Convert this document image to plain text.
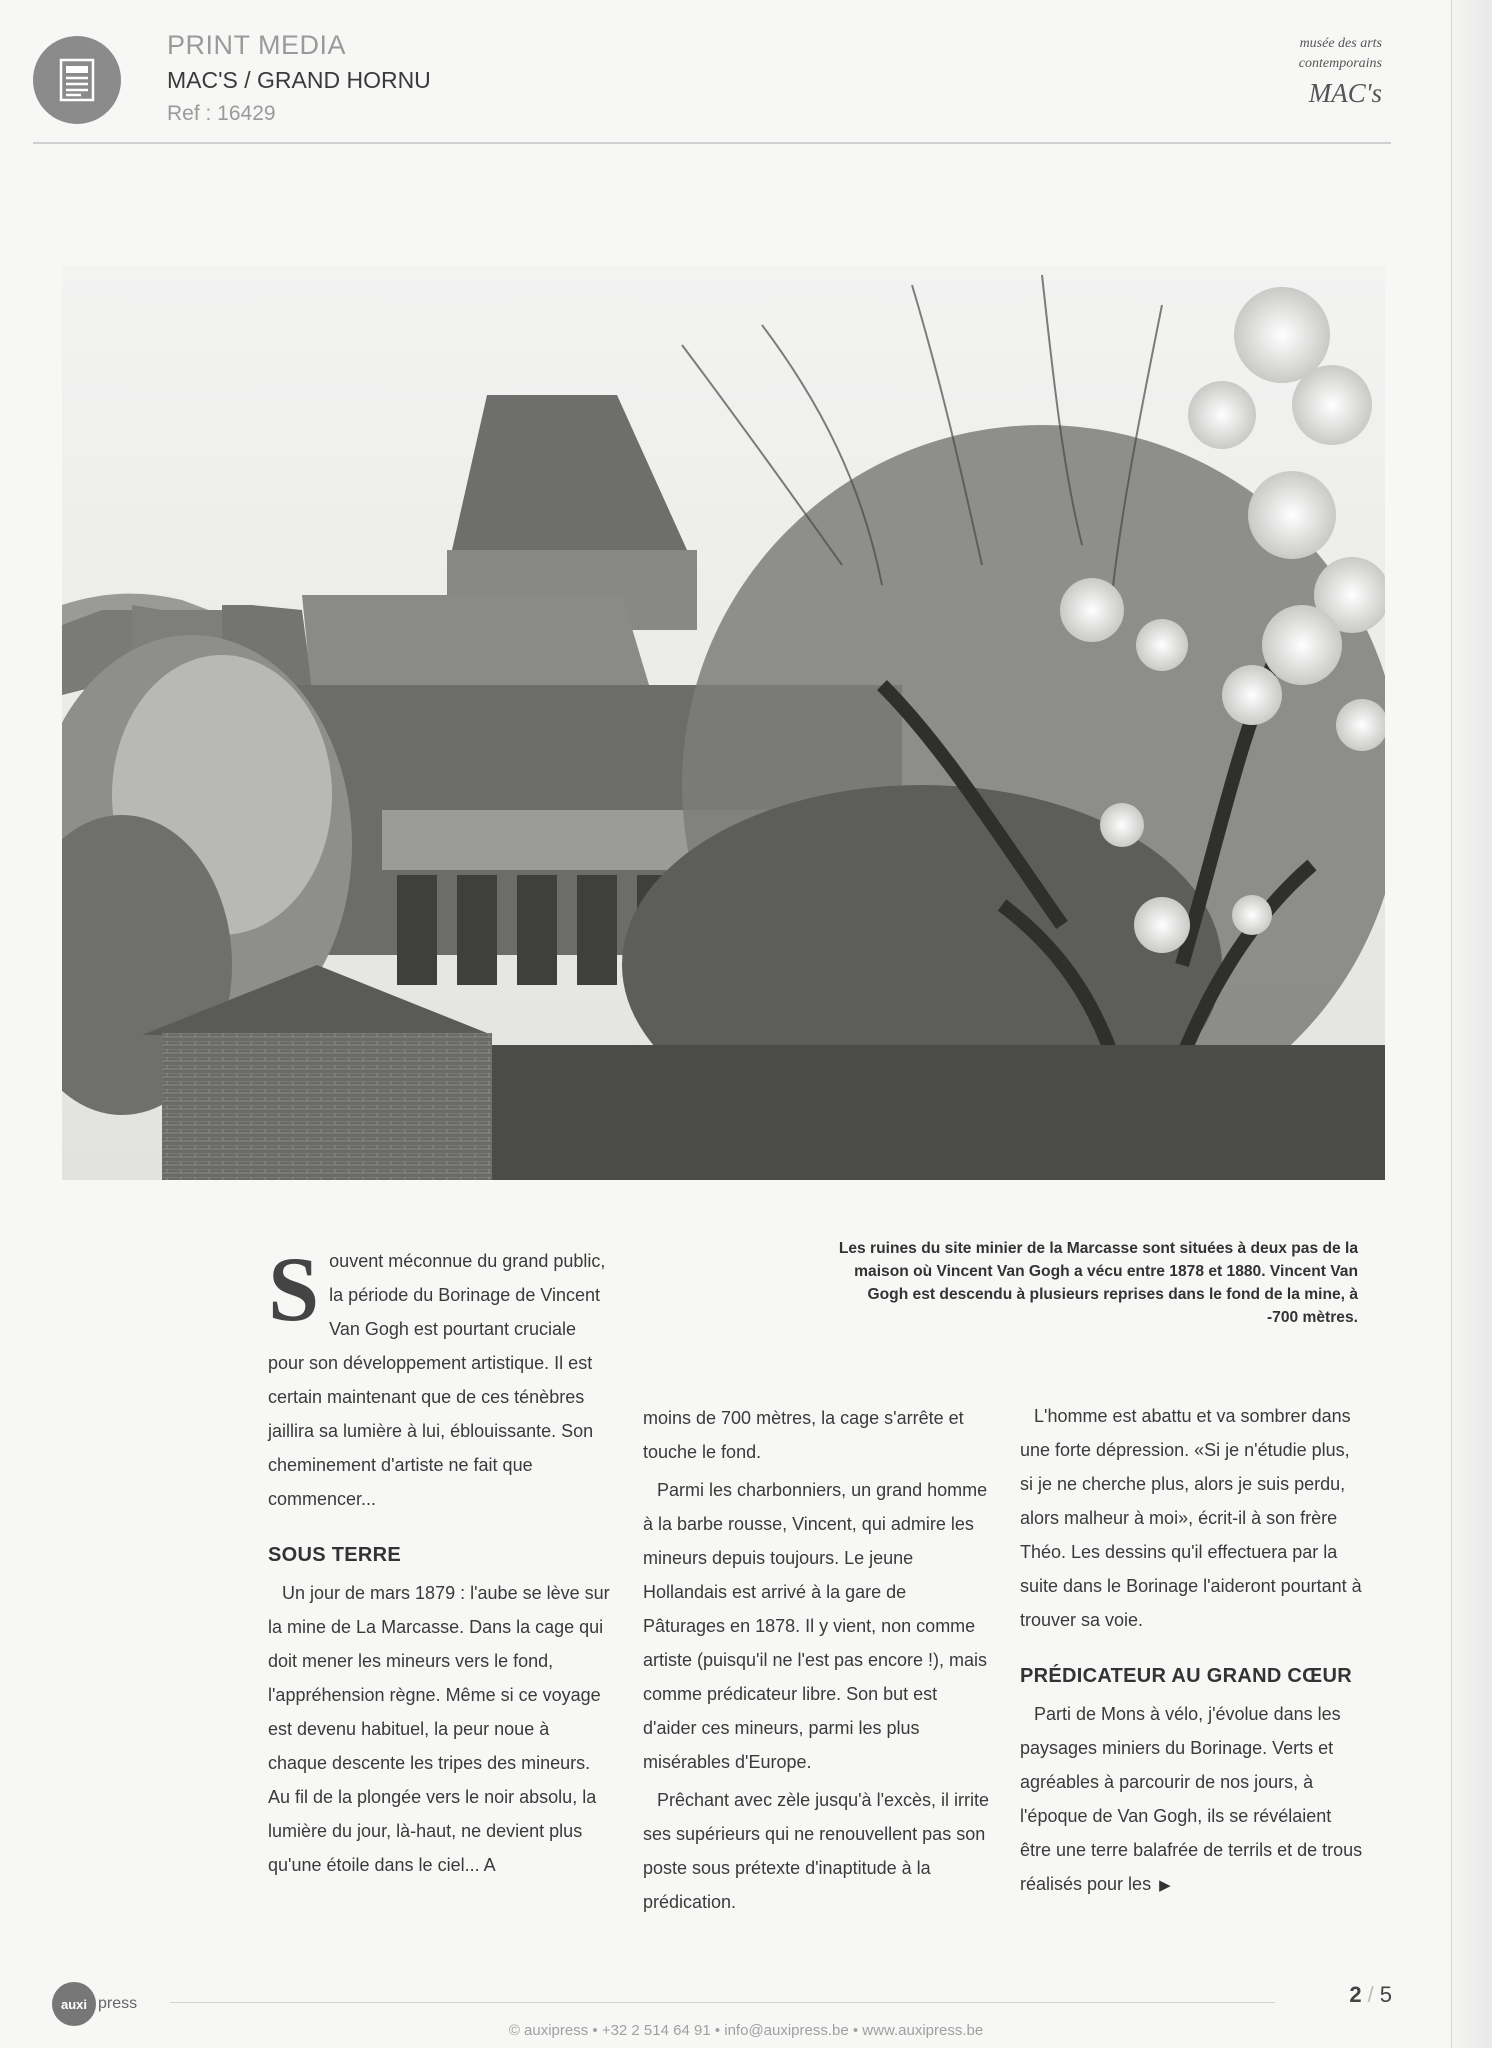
PRINT MEDIA
MAC'S / GRAND HORNU
Ref : 16429
musée des arts
contemporains
MAC's
Les ruines du site minier de la Marcasse sont situées à deux pas de la maison où Vincent Van Gogh a vécu entre 1878 et 1880. Vincent Van Gogh est descendu à plusieurs reprises dans le fond de la mine, à -700 mètres.

Souvent méconnue du grand public, la période du Borinage de Vincent Van Gogh est pourtant cruciale pour son développement artistique. Il est certain maintenant que de ces ténèbres jaillira sa lumière à lui, éblouissante. Son cheminement d'artiste ne fait que commencer...

SOUS TERRE

Un jour de mars 1879 : l'aube se lève sur la mine de La Marcasse. Dans la cage qui doit mener les mineurs vers le fond, l'appréhension règne. Même si ce voyage est devenu habituel, la peur noue à chaque descente les tripes des mineurs. Au fil de la plongée vers le noir absolu, la lumière du jour, là-haut, ne devient plus qu'une étoile dans le ciel... A

moins de 700 mètres, la cage s'arrête et touche le fond.

Parmi les charbonniers, un grand homme à la barbe rousse, Vincent, qui admire les mineurs depuis toujours. Le jeune Hollandais est arrivé à la gare de Pâturages en 1878. Il y vient, non comme artiste (puisqu'il ne l'est pas encore !), mais comme prédicateur libre. Son but est d'aider ces mineurs, parmi les plus misérables d'Europe.

Prêchant avec zèle jusqu'à l'excès, il irrite ses supérieurs qui ne renouvellent pas son poste sous prétexte d'inaptitude à la prédication.

L'homme est abattu et va sombrer dans une forte dépression. «Si je n'étudie plus, si je ne cherche plus, alors je suis perdu, alors malheur à moi», écrit-il à son frère Théo. Les dessins qu'il effectuera par la suite dans le Borinage l'aideront pourtant à trouver sa voie.

PRÉDICATEUR AU GRAND CŒUR

Parti de Mons à vélo, j'évolue dans les paysages miniers du Borinage. Verts et agréables à parcourir de nos jours, à l'époque de Van Gogh, ils se révélaient être une terre balafrée de terrils et de trous réalisés pour les ▶

auxi press	2 / 5
© auxipress • +32 2 514 64 91 • info@auxipress.be • www.auxipress.be
